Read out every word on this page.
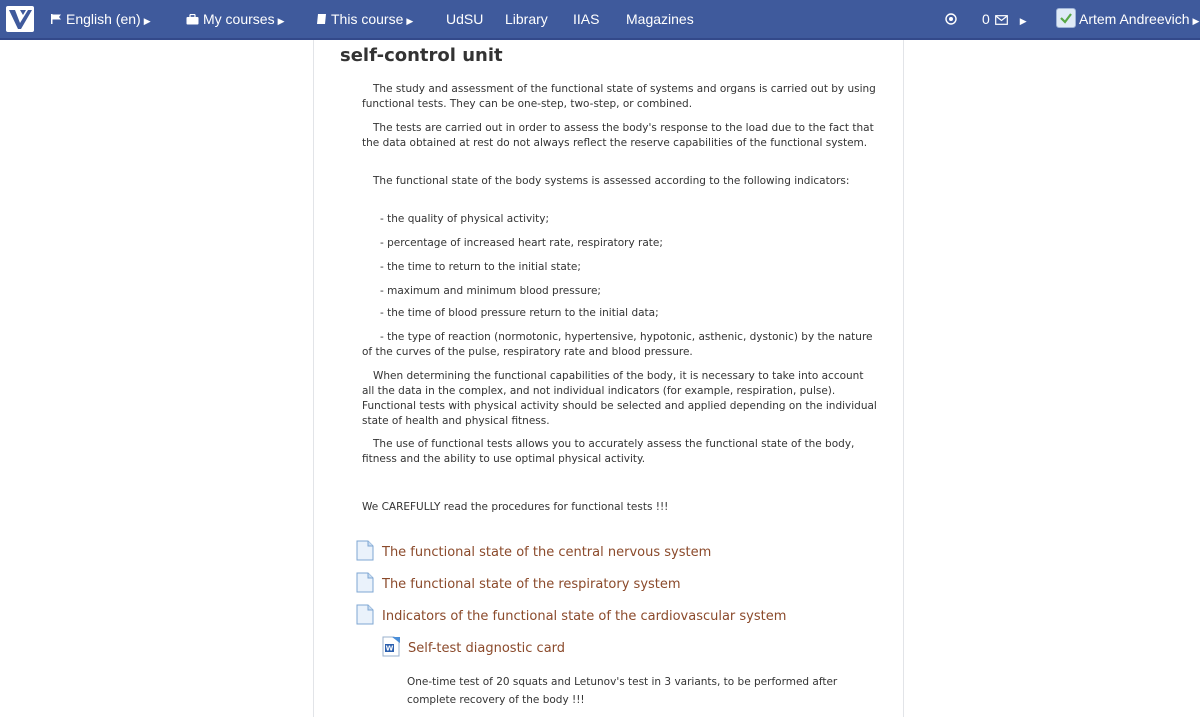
English (en) ▶	My courses ▶	This course ▶ UdSU Library IIAS Magazines	0	▶	Artem Andreevich ▶
self-control unit

The study and assessment of the functional state of systems and organs is carried out by using functional tests. They can be one-step, two-step, or combined.

The tests are carried out in order to assess the body's response to the load due to the fact that the data obtained at rest do not always reflect the reserve capabilities of the functional system.

The functional state of the body systems is assessed according to the following indicators:

- the quality of physical activity;

- percentage of increased heart rate, respiratory rate;

- the time to return to the initial state;

- maximum and minimum blood pressure;

- the time of blood pressure return to the initial data;

- the type of reaction (normotonic, hypertensive, hypotonic, asthenic, dystonic) by the nature of the curves of the pulse, respiratory rate and blood pressure.

When determining the functional capabilities of the body, it is necessary to take into account all the data in the complex, and not individual indicators (for example, respiration, pulse). Functional tests with physical activity should be selected and applied depending on the individual state of health and physical fitness.

The use of functional tests allows you to accurately assess the functional state of the body, fitness and the ability to use optimal physical activity.

We CAREFULLY read the procedures for functional tests !!!

The functional state of the central nervous system
The functional state of the respiratory system
Indicators of the functional state of the cardiovascular system
W Self-test diagnostic card

One-time test of 20 squats and Letunov's test in 3 variants, to be performed after complete recovery of the body !!!
